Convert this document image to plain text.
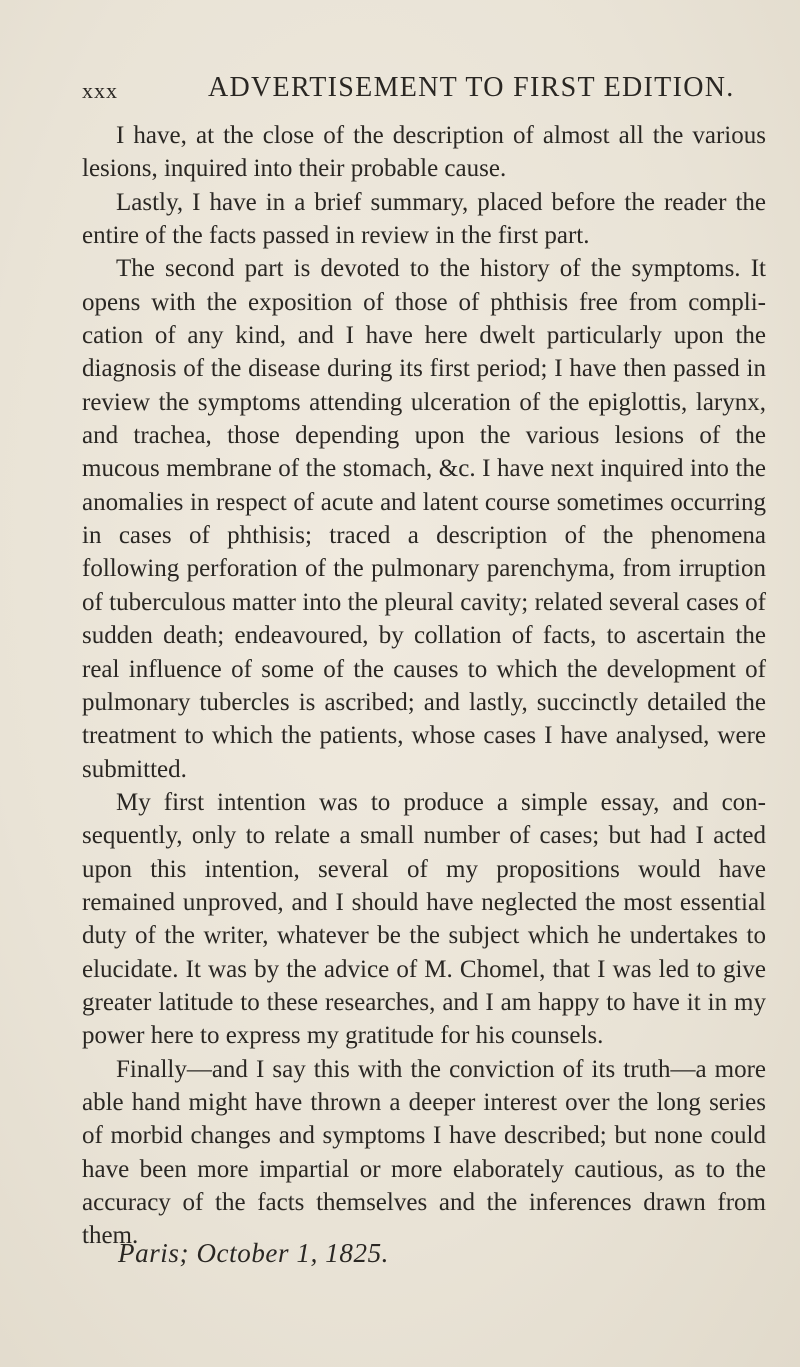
xxx	ADVERTISEMENT TO FIRST EDITION.

I have, at the close of the description of almost all the various lesions, inquired into their probable cause.

Lastly, I have in a brief summary, placed before the reader the entire of the facts passed in review in the first part.

The second part is devoted to the history of the symptoms. It opens with the exposition of those of phthisis free from complication of any kind, and I have here dwelt particularly upon the diagnosis of the disease during its first period; I have then passed in review the symptoms attending ulceration of the epiglottis, larynx, and trachea, those depending upon the various lesions of the mucous membrane of the stomach, &c. I have next inquired into the anomalies in respect of acute and latent course sometimes occurring in cases of phthisis; traced a description of the phenomena following perforation of the pulmonary parenchyma, from irruption of tuberculous matter into the pleural cavity; related several cases of sudden death; endeavoured, by collation of facts, to ascertain the real influence of some of the causes to which the development of pulmonary tubercles is ascribed; and lastly, succinctly detailed the treatment to which the patients, whose cases I have analysed, were submitted.

My first intention was to produce a simple essay, and consequently, only to relate a small number of cases; but had I acted upon this intention, several of my propositions would have remained unproved, and I should have neglected the most essential duty of the writer, whatever be the subject which he undertakes to elucidate. It was by the advice of M. Chomel, that I was led to give greater latitude to these researches, and I am happy to have it in my power here to express my gratitude for his counsels.

Finally—and I say this with the conviction of its truth—a more able hand might have thrown a deeper interest over the long series of morbid changes and symptoms I have described; but none could have been more impartial or more elaborately cautious, as to the accuracy of the facts themselves and the inferences drawn from them.

Paris; October 1, 1825.
